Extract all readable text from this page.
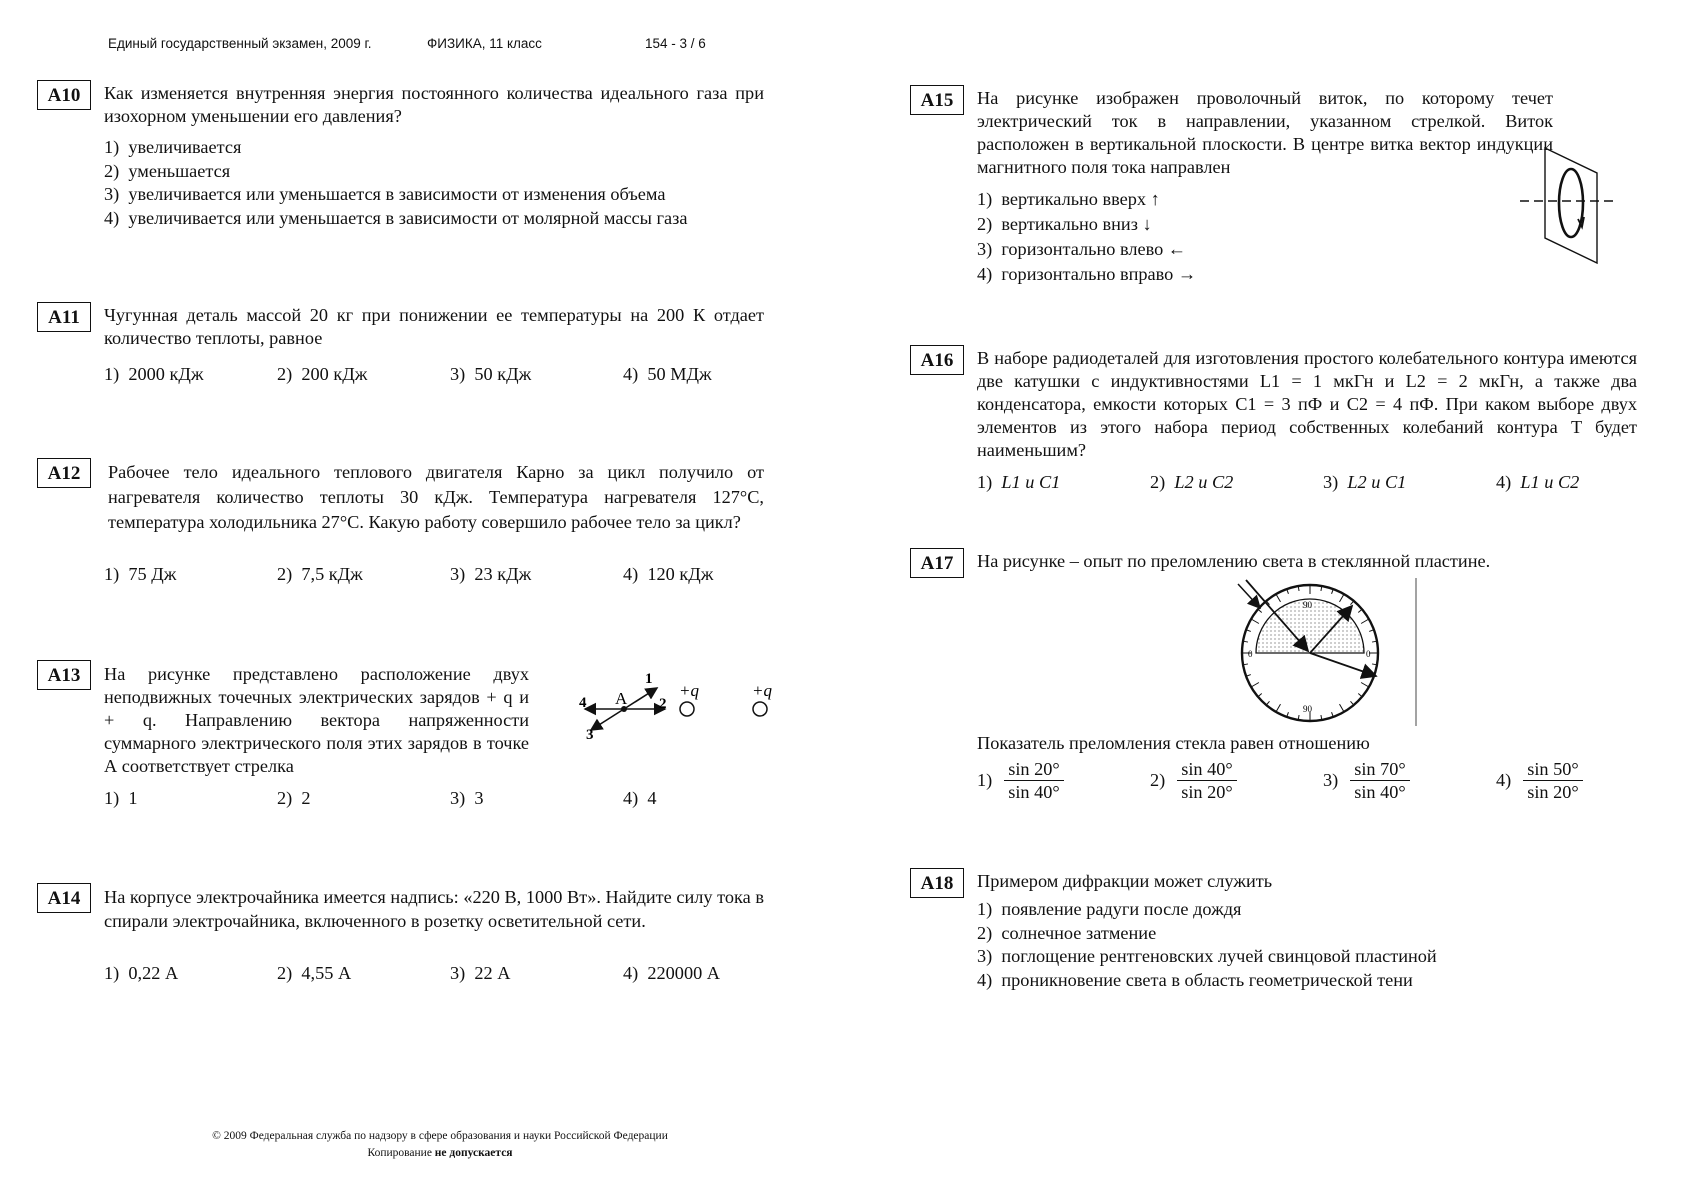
Единый государственный экзамен, 2009 г.	ФИЗИКА, 11 класс	154 - 3 / 6
A10	Как изменяется внутренняя энергия постоянного количества идеального газа при изохорном уменьшении его давления?
1) увеличивается
2) уменьшается
3) увеличивается или уменьшается в зависимости от изменения объема
4) увеличивается или уменьшается в зависимости от молярной массы газа
A11	Чугунная деталь массой 20 кг при понижении ее температуры на 200 К отдает количество теплоты, равное
1) 2000 кДж	2) 200 кДж	3) 50 кДж	4) 50 МДж
A12	Рабочее тело идеального теплового двигателя Карно за цикл получило от нагревателя количество теплоты 30 кДж. Температура нагревателя 127°С, температура холодильника 27°С. Какую работу совершило рабочее тело за цикл?
1) 75 Дж	2) 7,5 кДж	3) 23 кДж	4) 120 кДж
A13	На рисунке представлено расположение двух неподвижных точечных электрических зарядов + q и + q. Направлению вектора напряженности суммарного электрического поля этих зарядов в точке А соответствует стрелка
A
1
2
3
4
+q	+q
1) 1	2) 2	3) 3	4) 4
A14	На корпусе электрочайника имеется надпись: «220 В, 1000 Вт». Найдите силу тока в спирали электрочайника, включенного в розетку осветительной сети.
1) 0,22 А	2) 4,55 А	3) 22 А	4) 220000 А
A15	На рисунке изображен проволочный виток, по которому течет электрический ток в направлении, указанном стрелкой. Виток расположен в вертикальной плоскости. В центре витка вектор индукции магнитного поля тока направлен
1) вертикально вверх ↑
2) вертикально вниз ↓
3) горизонтально влево ←
4) горизонтально вправо →
A16	В наборе радиодеталей для изготовления простого колебательного контура имеются две катушки с индуктивностями L1 = 1 мкГн и L2 = 2 мкГн, а также два конденсатора, емкости которых C1 = 3 пФ и C2 = 4 пФ. При каком выборе двух элементов из этого набора период собственных колебаний контура T будет наименьшим?
1) L1 и C1	2) L2 и C2	3) L2 и C1	4) L1 и C2
A17	На рисунке – опыт по преломлению света в стеклянной пластине.
90
90
0	0
Показатель преломления стекла равен отношению
$1) \frac{\sin 20^\circ}{\sin 40^\circ}$	$2) \frac{\sin 40^\circ}{\sin 20^\circ}$	$3) \frac{\sin 70^\circ}{\sin 40^\circ}$	$4) \frac{\sin 50^\circ}{\sin 20^\circ}$
A18	Примером дифракции может служить
1) появление радуги после дождя
2) солнечное затмение
3) поглощение рентгеновских лучей свинцовой пластиной
4) проникновение света в область геометрической тени
© 2009 Федеральная служба по надзору в сфере образования и науки Российской Федерации
Копирование не допускается
